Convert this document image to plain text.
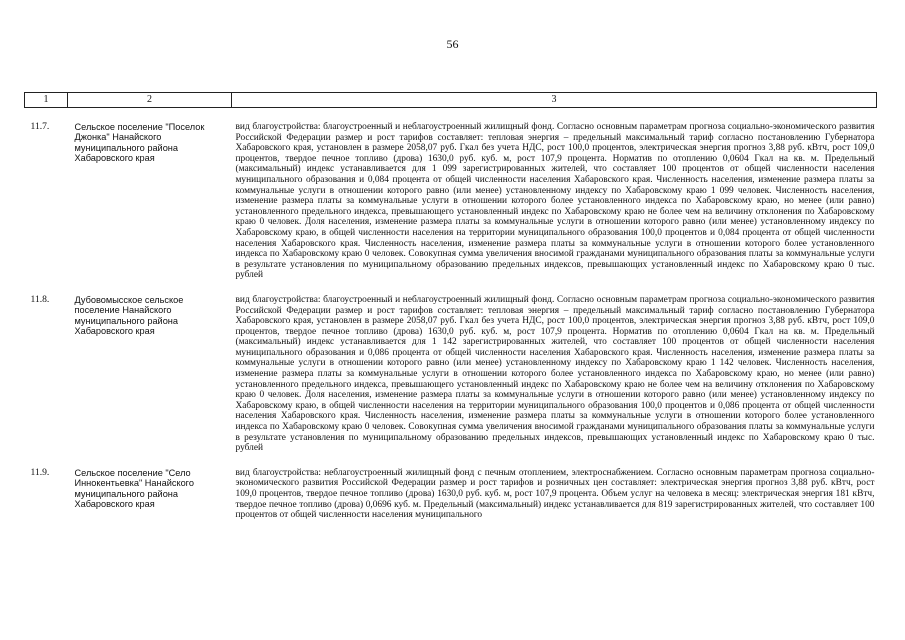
56
1	2	3

11.7.	Сельское поселение "Поселок Джонка" Нанайского муниципального района Хабаровского края	вид благоустройства: благоустроенный и неблагоустроенный жилищный фонд. Согласно основным параметрам прогноза социально-экономического развития Российской Федерации размер и рост тарифов составляет: тепловая энергия – предельный максимальный тариф согласно постановлению Губернатора Хабаровского края, установлен в размере 2058,07 руб. Гкал без учета НДС, рост 100,0 процентов, электрическая энергия прогноз 3,88 руб. кВтч, рост 109,0 процентов, твердое печное топливо (дрова) 1630,0 руб. куб. м, рост 107,9 процента. Норматив по отоплению 0,0604 Гкал на кв. м. Предельный (максимальный) индекс устанавливается для 1 099 зарегистрированных жителей, что составляет 100 процентов от общей численности населения муниципального образования и 0,084 процента от общей численности населения Хабаровского края. Численность населения, изменение размера платы за коммунальные услуги в отношении которого равно (или менее) установленному индексу по Хабаровскому краю 1 099 человек. Численность населения, изменение размера платы за коммунальные услуги в отношении которого более установленного индекса по Хабаровскому краю, но менее (или равно) установленного предельного индекса, превышающего установленный индекс по Хабаровскому краю не более чем на величину отклонения по Хабаровскому краю 0 человек. Доля населения, изменение размера платы за коммунальные услуги в отношении которого равно (или менее) установленному индексу по Хабаровскому краю, в общей численности населения на территории муниципального образования 100,0 процентов и 0,084 процента от общей численности населения Хабаровского края. Численность населения, изменение размера платы за коммунальные услуги в отношении которого более установленного индекса по Хабаровскому краю 0 человек. Совокупная сумма увеличения вносимой гражданами муниципального образования платы за коммунальные услуги в результате установления по муниципальному образованию предельных индексов, превышающих установленный индекс по Хабаровскому краю 0 тыс. рублей

11.8.	Дубовомысское сельское поселение Нанайского муниципального района Хабаровского края	вид благоустройства: благоустроенный и неблагоустроенный жилищный фонд. Согласно основным параметрам прогноза социально-экономического развития Российской Федерации размер и рост тарифов составляет: тепловая энергия – предельный максимальный тариф согласно постановлению Губернатора Хабаровского края, установлен в размере 2058,07 руб. Гкал без учета НДС, рост 100,0 процентов, электрическая энергия прогноз 3,88 руб. кВтч, рост 109,0 процентов, твердое печное топливо (дрова) 1630,0 руб. куб. м, рост 107,9 процента. Норматив по отоплению 0,0604 Гкал на кв. м. Предельный (максимальный) индекс устанавливается для 1 142 зарегистрированных жителей, что составляет 100 процентов от общей численности населения муниципального образования и 0,086 процента от общей численности населения Хабаровского края. Численность населения, изменение размера платы за коммунальные услуги в отношении которого равно (или менее) установленному индексу по Хабаровскому краю 1 142 человек. Численность населения, изменение размера платы за коммунальные услуги в отношении которого более установленного индекса по Хабаровскому краю, но менее (или равно) установленного предельного индекса, превышающего установленный индекс по Хабаровскому краю не более чем на величину отклонения по Хабаровскому краю 0 человек. Доля населения, изменение размера платы за коммунальные услуги в отношении которого равно (или менее) установленному индексу по Хабаровскому краю, в общей численности населения на территории муниципального образования 100,0 процентов и 0,086 процента от общей численности населения Хабаровского края. Численность населения, изменение размера платы за коммунальные услуги в отношении которого более установленного индекса по Хабаровскому краю 0 человек. Совокупная сумма увеличения вносимой гражданами муниципального образования платы за коммунальные услуги в результате установления по муниципальному образованию предельных индексов, превышающих установленный индекс по Хабаровскому краю 0 тыс. рублей

11.9.	Сельское поселение "Село Иннокентьевка" Нанайского муниципального района Хабаровского края	вид благоустройства: неблагоустроенный жилищный фонд с печным отоплением, электроснабжением. Согласно основным параметрам прогноза социально-экономического развития Российской Федерации размер и рост тарифов и розничных цен составляет: электрическая энергия прогноз 3,88 руб. кВтч, рост 109,0 процентов, твердое печное топливо (дрова) 1630,0 руб. куб. м, рост 107,9 процента. Объем услуг на человека в месяц: электрическая энергия 181 кВтч, твердое печное топливо (дрова) 0,0696 куб. м. Предельный (максимальный) индекс устанавливается для 819 зарегистрированных жителей, что составляет 100 процентов от общей численности населения муниципального
